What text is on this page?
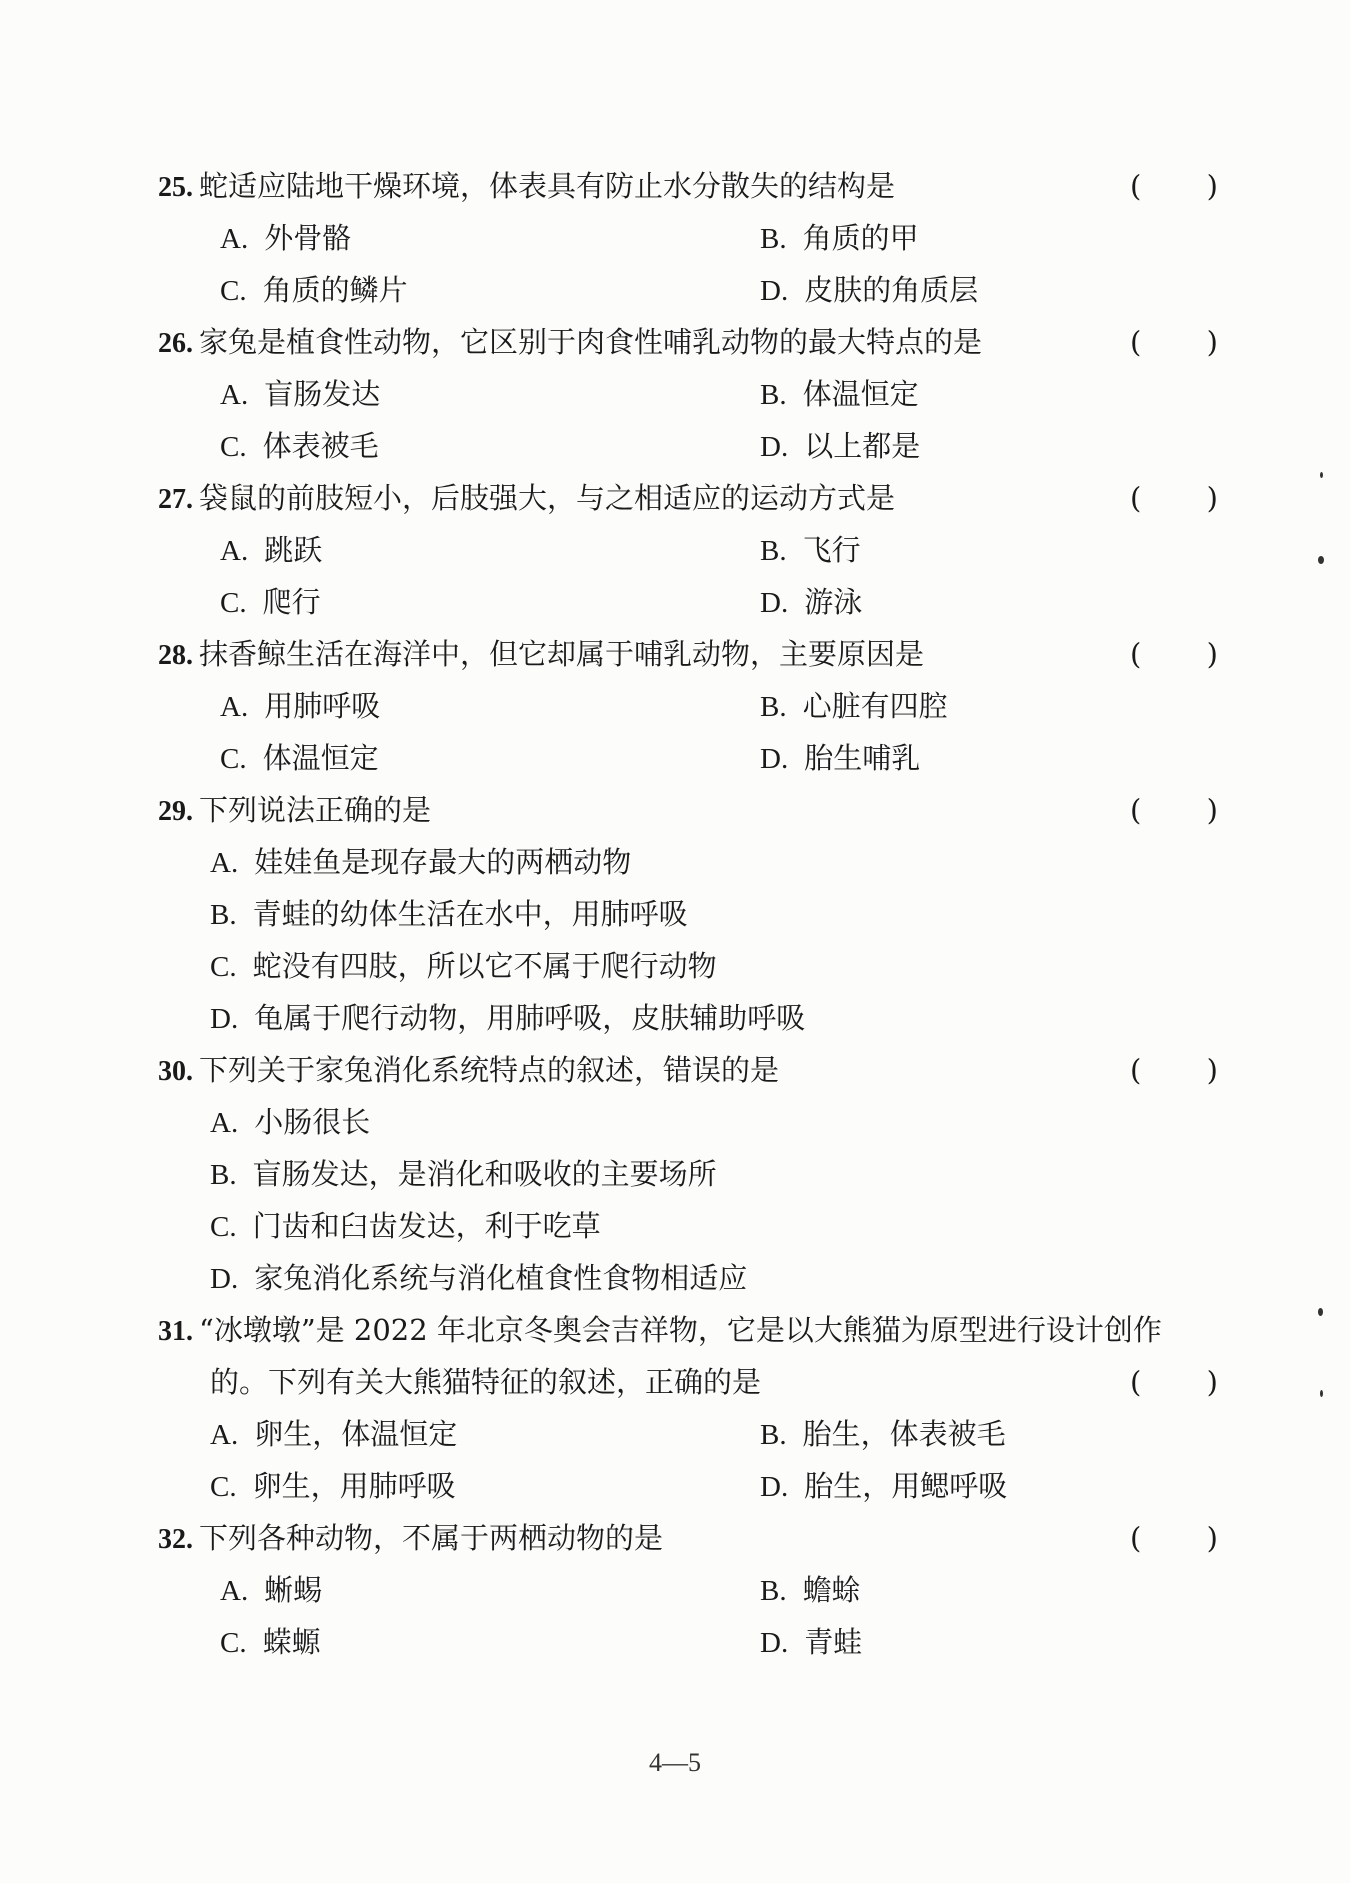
25. 蛇适应陆地干燥环境，体表具有防止水分散失的结构是	( )
A. 外骨骼	B. 角质的甲
C. 角质的鳞片	D. 皮肤的角质层
26. 家兔是植食性动物，它区别于肉食性哺乳动物的最大特点的是	( )
A. 盲肠发达	B. 体温恒定
C. 体表被毛	D. 以上都是
27. 袋鼠的前肢短小，后肢强大，与之相适应的运动方式是	( )
A. 跳跃	B. 飞行
C. 爬行	D. 游泳
28. 抹香鲸生活在海洋中，但它却属于哺乳动物，主要原因是	( )
A. 用肺呼吸	B. 心脏有四腔
C. 体温恒定	D. 胎生哺乳
29. 下列说法正确的是	( )
A. 娃娃鱼是现存最大的两栖动物
B. 青蛙的幼体生活在水中，用肺呼吸
C. 蛇没有四肢，所以它不属于爬行动物
D. 龟属于爬行动物，用肺呼吸，皮肤辅助呼吸
30. 下列关于家兔消化系统特点的叙述，错误的是	( )
A. 小肠很长
B. 盲肠发达，是消化和吸收的主要场所
C. 门齿和臼齿发达，利于吃草
D. 家兔消化系统与消化植食性食物相适应
31. “冰墩墩”是 2022 年北京冬奥会吉祥物，它是以大熊猫为原型进行设计创作
的。下列有关大熊猫特征的叙述，正确的是	( )
A. 卵生，体温恒定	B. 胎生，体表被毛
C. 卵生，用肺呼吸	D. 胎生，用鳃呼吸
32. 下列各种动物，不属于两栖动物的是	( )
A. 蜥蜴	B. 蟾蜍
C. 蝾螈	D. 青蛙
4—5
